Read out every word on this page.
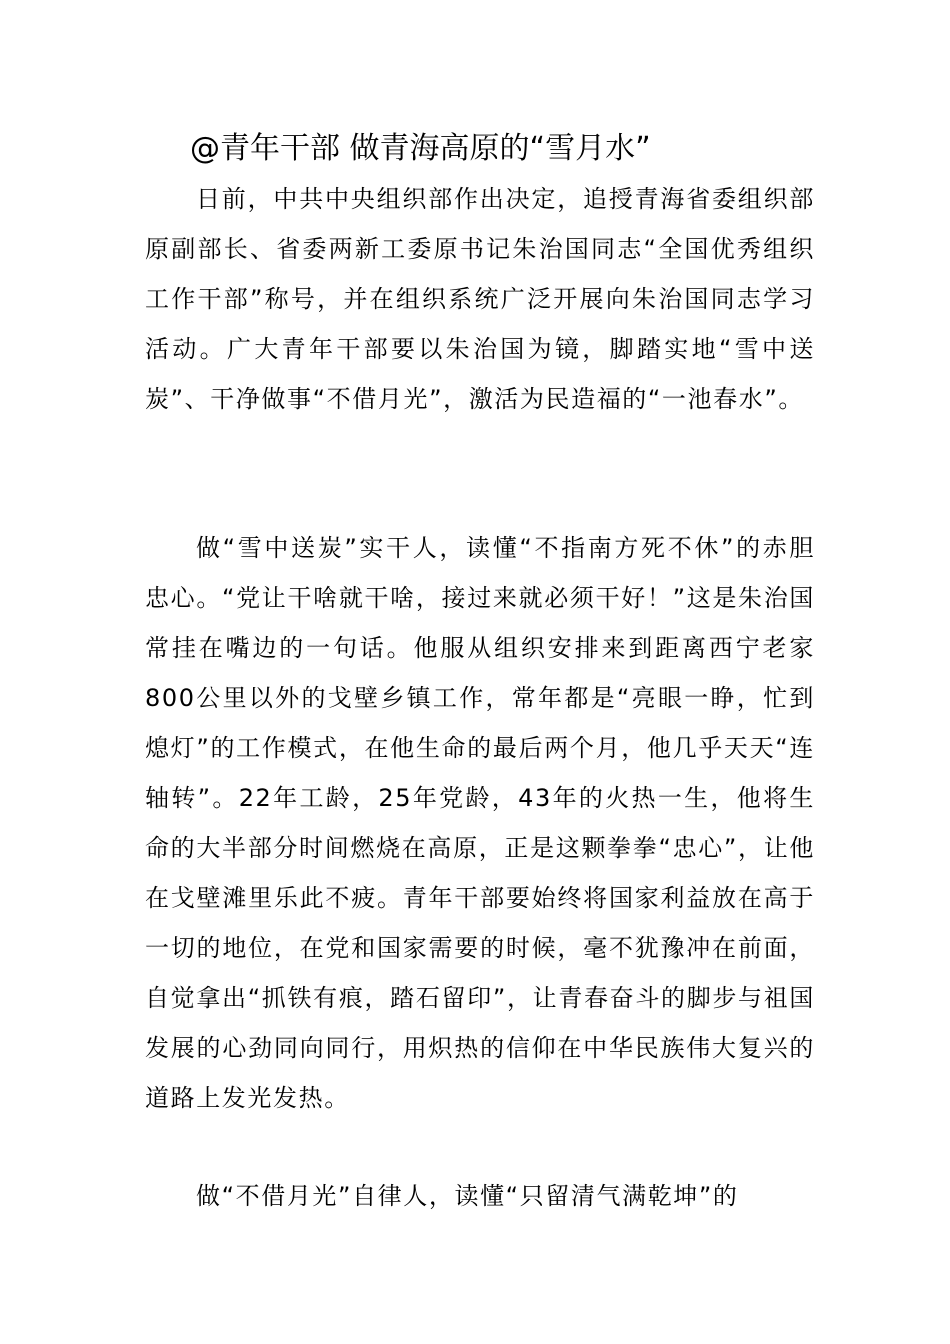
@青年干部 做青海高原的“雪月水”

日前，中共中央组织部作出决定，追授青海省委组织部原副部长、省委两新工委原书记朱治国同志“全国优秀组织工作干部”称号，并在组织系统广泛开展向朱治国同志学习活动。广大青年干部要以朱治国为镜，脚踏实地“雪中送炭”、干净做事“不借月光”，激活为民造福的“一池春水”。

做“雪中送炭”实干人，读懂“不指南方死不休”的赤胆忠心。“党让干啥就干啥，接过来就必须干好！”这是朱治国常挂在嘴边的一句话。他服从组织安排来到距离西宁老家800公里以外的戈壁乡镇工作，常年都是“亮眼一睁，忙到熄灯”的工作模式，在他生命的最后两个月，他几乎天天“连轴转”。22年工龄，25年党龄，43年的火热一生，他将生命的大半部分时间燃烧在高原，正是这颗拳拳“忠心”，让他在戈壁滩里乐此不疲。青年干部要始终将国家利益放在高于一切的地位，在党和国家需要的时候，毫不犹豫冲在前面，自觉拿出“抓铁有痕，踏石留印”，让青春奋斗的脚步与祖国发展的心劲同向同行，用炽热的信仰在中华民族伟大复兴的道路上发光发热。

做“不借月光”自律人，读懂“只留清气满乾坤”的
